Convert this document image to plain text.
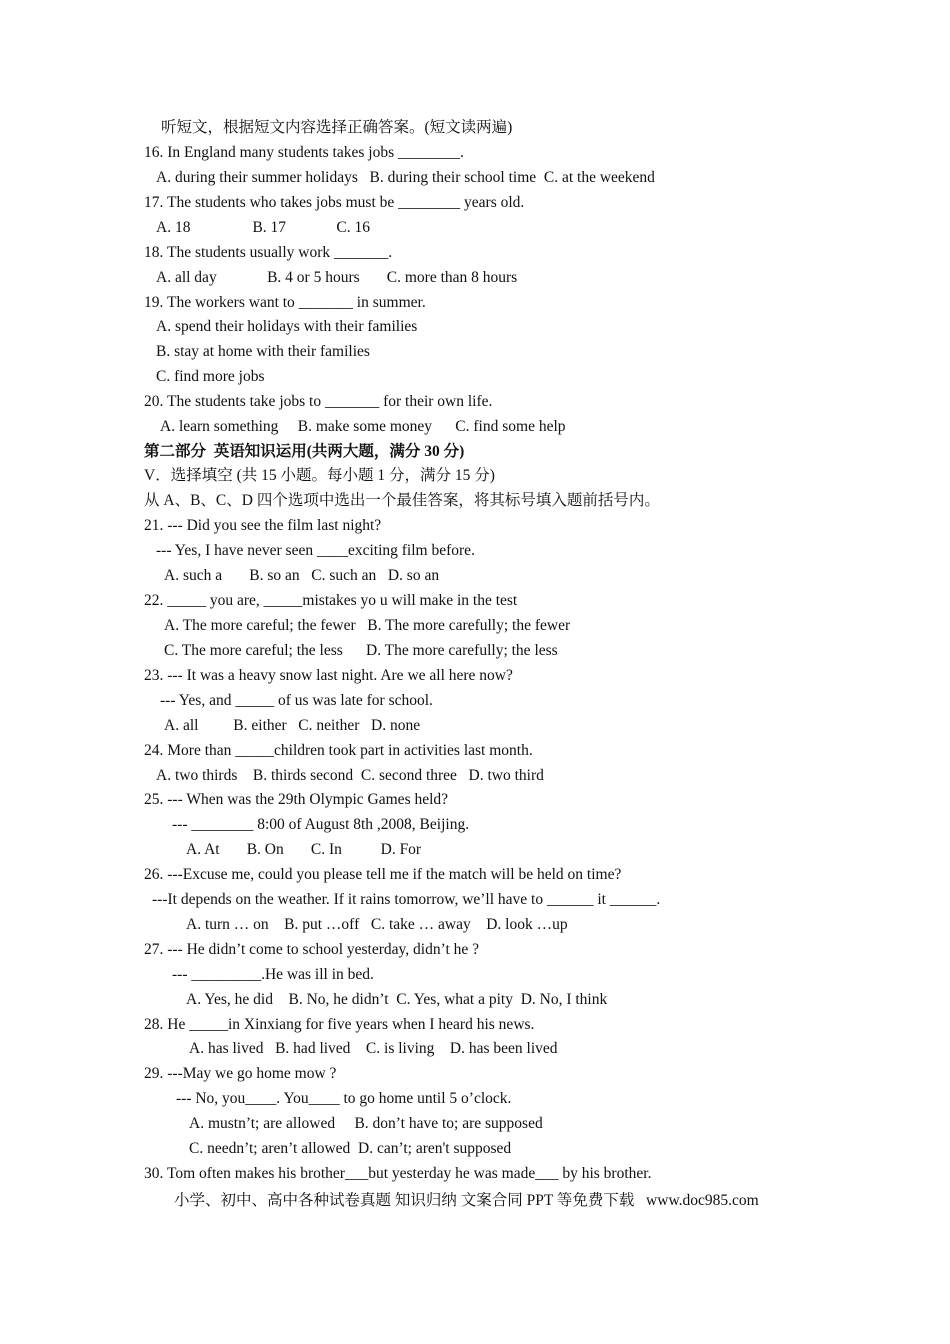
听短文，根据短文内容选择正确答案。(短文读两遍)
16. In England many students takes jobs ________.
A. during their summer holidays   B. during their school time  C. at the weekend
17. The students who takes jobs must be ________ years old.
A. 18                B. 17             C. 16
18. The students usually work _______.
A. all day             B. 4 or 5 hours       C. more than 8 hours
19. The workers want to _______ in summer.
A. spend their holidays with their families
B. stay at home with their families
C. find more jobs
20. The students take jobs to _______ for their own life.
A. learn something     B. make some money      C. find some help
第二部分  英语知识运用(共两大题，满分 30 分)
V．选择填空 (共 15 小题。每小题 1 分，满分 15 分)
从 A、B、C、D 四个选项中选出一个最佳答案，将其标号填入题前括号内。
21. --- Did you see the film last night?
--- Yes, I have never seen ____exciting film before.
A. such a       B. so an   C. such an   D. so an
22. _____ you are, _____mistakes yo u will make in the test
A. The more careful; the fewer   B. The more carefully; the fewer
C. The more careful; the less      D. The more carefully; the less
23. --- It was a heavy snow last night. Are we all here now?
--- Yes, and _____ of us was late for school.
A. all         B. either   C. neither   D. none
24. More than _____children took part in activities last month.
A. two thirds    B. thirds second  C. second three   D. two third
25. --- When was the 29th Olympic Games held?
--- ________ 8:00 of August 8th ,2008, Beijing.
A. At       B. On       C. In          D. For
26. ---Excuse me, could you please tell me if the match will be held on time?
---It depends on the weather. If it rains tomorrow, we’ll have to ______ it ______.
A. turn … on    B. put …off   C. take … away    D. look …up
27. --- He didn’t come to school yesterday, didn’t he ?
--- _________.He was ill in bed.
A. Yes, he did    B. No, he didn’t  C. Yes, what a pity  D. No, I think
28. He _____in Xinxiang for five years when I heard his news.
A. has lived   B. had lived    C. is living    D. has been lived
29. ---May we go home mow ?
--- No, you____. You____ to go home until 5 o’clock.
A. mustn’t; are allowed     B. don’t have to; are supposed
C. needn’t; aren’t allowed  D. can’t; aren't supposed
30. Tom often makes his brother___but yesterday he was made___ by his brother.
小学、初中、高中各种试卷真题 知识归纳 文案合同 PPT 等免费下载   www.doc985.com
